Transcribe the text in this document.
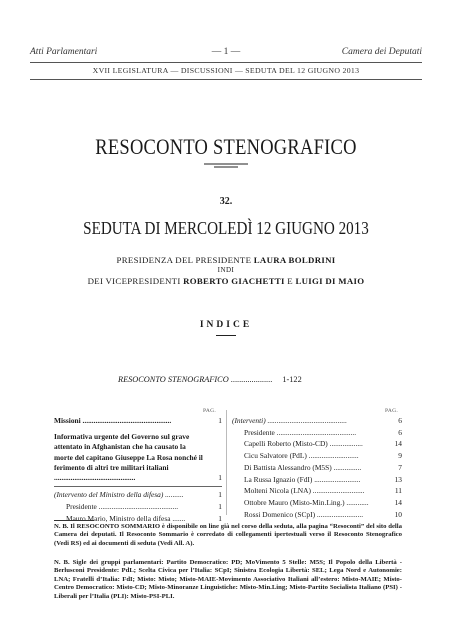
Atti Parlamentari	— 1 —	Camera dei Deputati
XVII LEGISLATURA — DISCUSSIONI — SEDUTA DEL 12 GIUGNO 2013
RESOCONTO STENOGRAFICO
32.
SEDUTA DI MERCOLEDÌ 12 GIUGNO 2013
PRESIDENZA DEL PRESIDENTE LAURA BOLDRINI
INDI
DEI VICEPRESIDENTI ROBERTO GIACHETTI E LUIGI DI MAIO
INDICE
RESOCONTO STENOGRAFICO .................... 1-122
PAG.	PAG.
Missioni ................................................	1
Informativa urgente del Governo sul grave attentato in Afghanistan che ha causato la morte del capitano Giuseppe La Rosa nonché il ferimento di altri tre militari italiani ............................................	1
(Intervento del Ministro della difesa) ..........	1
Presidente ...........................................	1
Mauro Mario, Ministro della difesa .......	1
(Interventi) ...........................................	6
Presidente ...........................................	6
Capelli Roberto (Misto-CD) ..................	14
Cicu Salvatore (PdL) ...........................	9
Di Battista Alessandro (M5S) ...............	7
La Russa Ignazio (FdI) .........................	13
Molteni Nicola (LNA) ............................	11
Ottobre Mauro (Misto-Min.Ling.) ............	14
Rossi Domenico (SCpI) .........................	10
N. B. Il RESOCONTO SOMMARIO è disponibile on line già nel corso della seduta, alla pagina “Resoconti” del sito della Camera dei deputati. Il Resoconto Sommario è corredato di collegamenti ipertestuali verso il Resoconto Stenografico (Vedi RS) ed ai documenti di seduta (Vedi All. A).
N. B. Sigle dei gruppi parlamentari: Partito Democratico: PD; MoVimento 5 Stelle: M5S; Il Popolo della Libertà - Berlusconi Presidente: PdL; Scelta Civica per l’Italia: SCpI; Sinistra Ecologia Libertà: SEL; Lega Nord e Autonomie: LNA; Fratelli d’Italia: FdI; Misto: Misto; Misto-MAIE-Movimento Associativo Italiani all’estero: Misto-MAIE; Misto-Centro Democratico: Misto-CD; Misto-Minoranze Linguistiche: Misto-Min.Ling; Misto-Partito Socialista Italiano (PSI) - Liberali per l’Italia (PLI): Misto-PSI-PLI.
